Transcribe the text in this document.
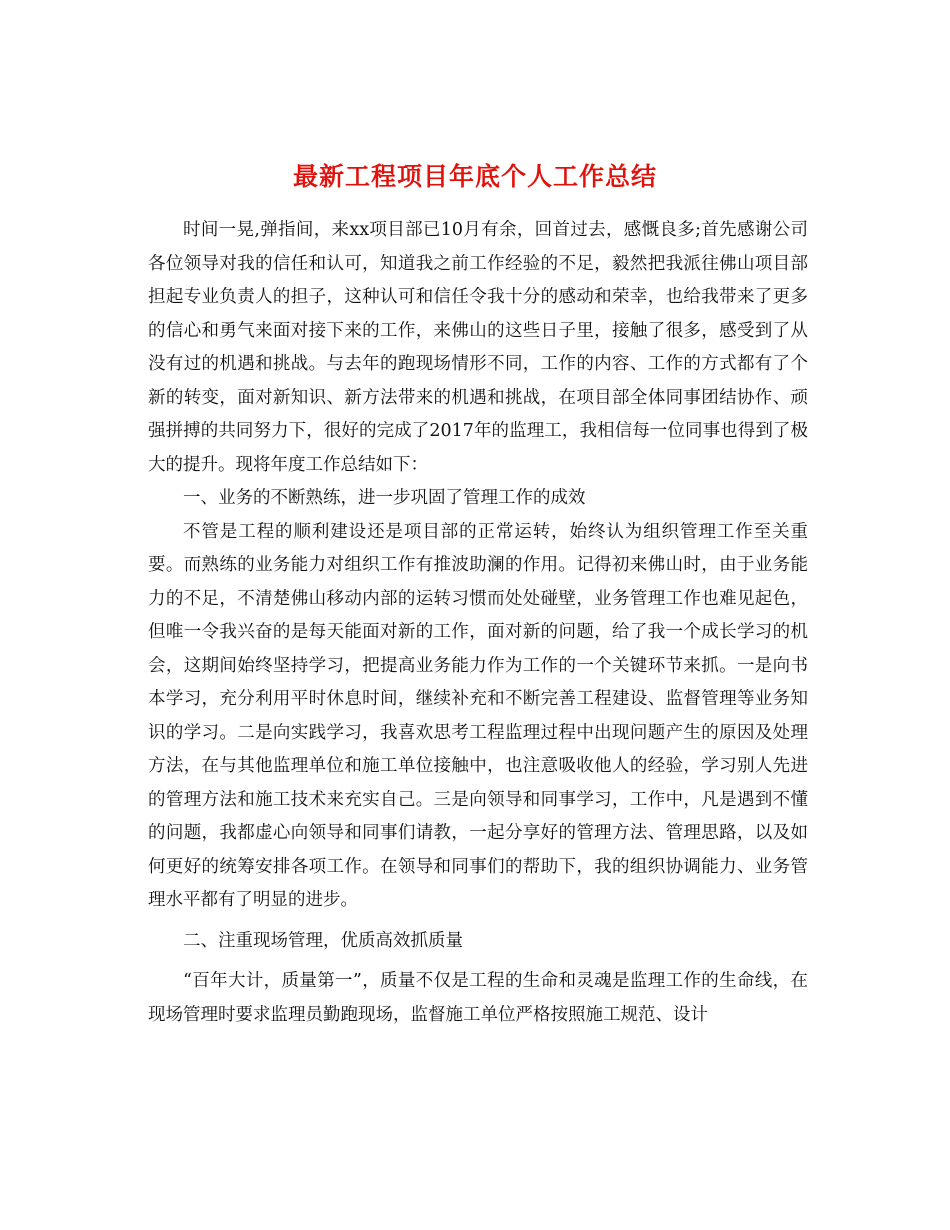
最新工程项目年底个人工作总结

时间一晃,弹指间，来xx项目部已10月有余，回首过去，感慨良多;首先感谢公司各位领导对我的信任和认可，知道我之前工作经验的不足，毅然把我派往佛山项目部担起专业负责人的担子，这种认可和信任令我十分的感动和荣幸，也给我带来了更多的信心和勇气来面对接下来的工作，来佛山的这些日子里，接触了很多，感受到了从没有过的机遇和挑战。与去年的跑现场情形不同，工作的内容、工作的方式都有了个新的转变，面对新知识、新方法带来的机遇和挑战，在项目部全体同事团结协作、顽强拼搏的共同努力下，很好的完成了2017年的监理工，我相信每一位同事也得到了极大的提升。现将年度工作总结如下：

一、业务的不断熟练，进一步巩固了管理工作的成效

不管是工程的顺利建设还是项目部的正常运转，始终认为组织管理工作至关重要。而熟练的业务能力对组织工作有推波助澜的作用。记得初来佛山时，由于业务能力的不足，不清楚佛山移动内部的运转习惯而处处碰壁，业务管理工作也难见起色，但唯一令我兴奋的是每天能面对新的工作，面对新的问题，给了我一个成长学习的机会，这期间始终坚持学习，把提高业务能力作为工作的一个关键环节来抓。一是向书本学习，充分利用平时休息时间，继续补充和不断完善工程建设、监督管理等业务知识的学习。二是向实践学习，我喜欢思考工程监理过程中出现问题产生的原因及处理方法，在与其他监理单位和施工单位接触中，也注意吸收他人的经验，学习别人先进的管理方法和施工技术来充实自己。三是向领导和同事学习，工作中，凡是遇到不懂的问题，我都虚心向领导和同事们请教，一起分享好的管理方法、管理思路，以及如何更好的统筹安排各项工作。在领导和同事们的帮助下，我的组织协调能力、业务管理水平都有了明显的进步。

二、注重现场管理，优质高效抓质量

“百年大计，质量第一”，质量不仅是工程的生命和灵魂是监理工作的生命线，在现场管理时要求监理员勤跑现场，监督施工单位严格按照施工规范、设计
